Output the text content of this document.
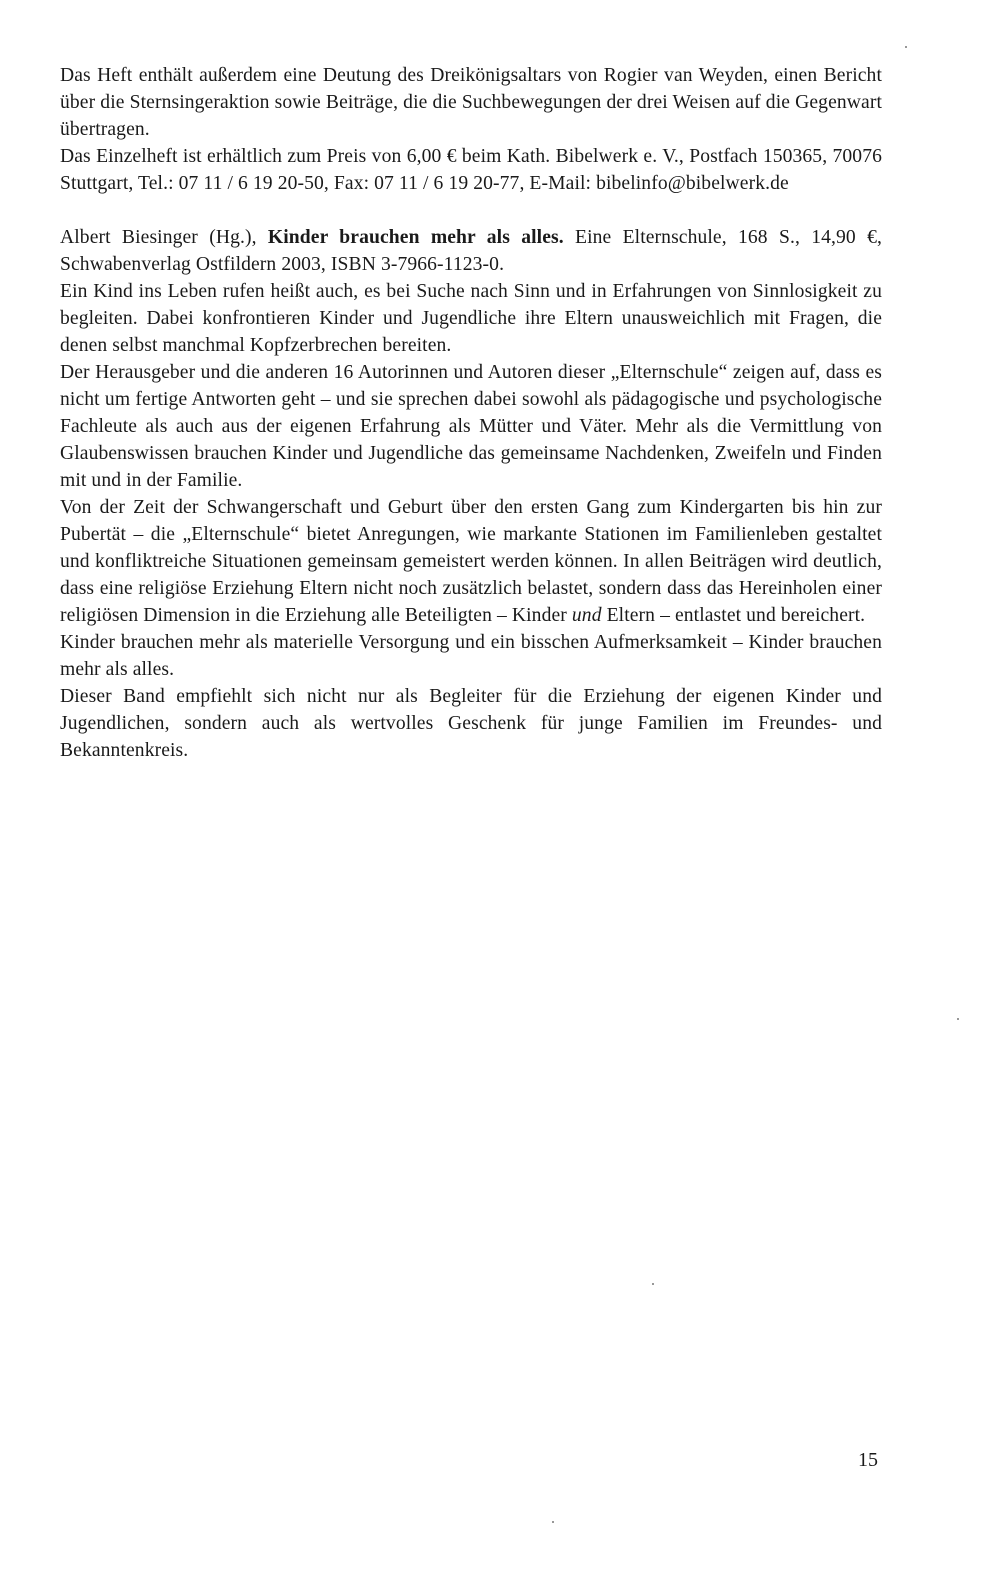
Das Heft enthält außerdem eine Deutung des Dreikönigsaltars von Rogier van Weyden, einen Bericht über die Sternsingeraktion sowie Beiträge, die die Suchbewegungen der drei Weisen auf die Gegenwart übertragen.

Das Einzelheft ist erhältlich zum Preis von 6,00 € beim Kath. Bibelwerk e. V., Postfach 150365, 70076 Stuttgart, Tel.: 07 11 / 6 19 20-50, Fax: 07 11 / 6 19 20-77, E-Mail: bibelinfo@bibelwerk.de

Albert Biesinger (Hg.), Kinder brauchen mehr als alles. Eine Elternschule, 168 S., 14,90 €, Schwabenverlag Ostfildern 2003, ISBN 3-7966-1123-0.

Ein Kind ins Leben rufen heißt auch, es bei Suche nach Sinn und in Erfahrungen von Sinnlosigkeit zu begleiten. Dabei konfrontieren Kinder und Jugendliche ihre Eltern unausweichlich mit Fragen, die denen selbst manchmal Kopfzerbrechen bereiten.

Der Herausgeber und die anderen 16 Autorinnen und Autoren dieser „Elternschule“ zeigen auf, dass es nicht um fertige Antworten geht – und sie sprechen dabei sowohl als pädagogische und psychologische Fachleute als auch aus der eigenen Erfahrung als Mütter und Väter. Mehr als die Vermittlung von Glaubenswissen brauchen Kinder und Jugendliche das gemeinsame Nachdenken, Zweifeln und Finden mit und in der Familie.

Von der Zeit der Schwangerschaft und Geburt über den ersten Gang zum Kindergarten bis hin zur Pubertät – die „Elternschule“ bietet Anregungen, wie markante Stationen im Familienleben gestaltet und konfliktreiche Situationen gemeinsam gemeistert werden können. In allen Beiträgen wird deutlich, dass eine religiöse Erziehung Eltern nicht noch zusätzlich belastet, sondern dass das Hereinholen einer religiösen Dimension in die Erziehung alle Beteiligten – Kinder und Eltern – entlastet und bereichert.

Kinder brauchen mehr als materielle Versorgung und ein bisschen Aufmerksamkeit – Kinder brauchen mehr als alles.

Dieser Band empfiehlt sich nicht nur als Begleiter für die Erziehung der eigenen Kinder und Jugendlichen, sondern auch als wertvolles Geschenk für junge Familien im Freundes- und Bekanntenkreis.

15
